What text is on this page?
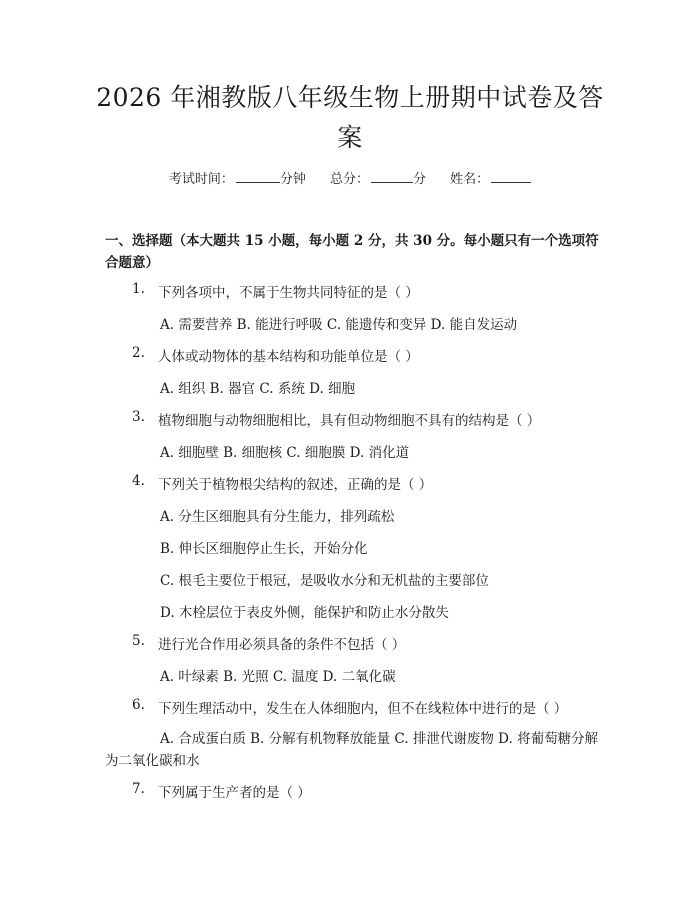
2026 年湘教版八年级生物上册期中试卷及答案
考试时间：	分钟 总分：	分 姓名：
一、选择题（本大题共 15 小题，每小题 2 分，共 30 分。每小题只有一个选项符合题意）
1. 下列各项中，不属于生物共同特征的是（ ）
A. 需要营养 B. 能进行呼吸 C. 能遗传和变异 D. 能自发运动
2. 人体或动物体的基本结构和功能单位是（ ）
A. 组织 B. 器官 C. 系统 D. 细胞
3. 植物细胞与动物细胞相比，具有但动物细胞不具有的结构是（ ）
A. 细胞壁 B. 细胞核 C. 细胞膜 D. 消化道
4. 下列关于植物根尖结构的叙述，正确的是（ ）
A. 分生区细胞具有分生能力，排列疏松
B. 伸长区细胞停止生长，开始分化
C. 根毛主要位于根冠，是吸收水分和无机盐的主要部位
D. 木栓层位于表皮外侧，能保护和防止水分散失
5. 进行光合作用必须具备的条件不包括（ ）
A. 叶绿素 B. 光照 C. 温度 D. 二氧化碳
6. 下列生理活动中，发生在人体细胞内，但不在线粒体中进行的是（ ）
A. 合成蛋白质 B. 分解有机物释放能量 C. 排泄代谢废物 D. 将葡萄糖分解为二氧化碳和水
7. 下列属于生产者的是（ ）
